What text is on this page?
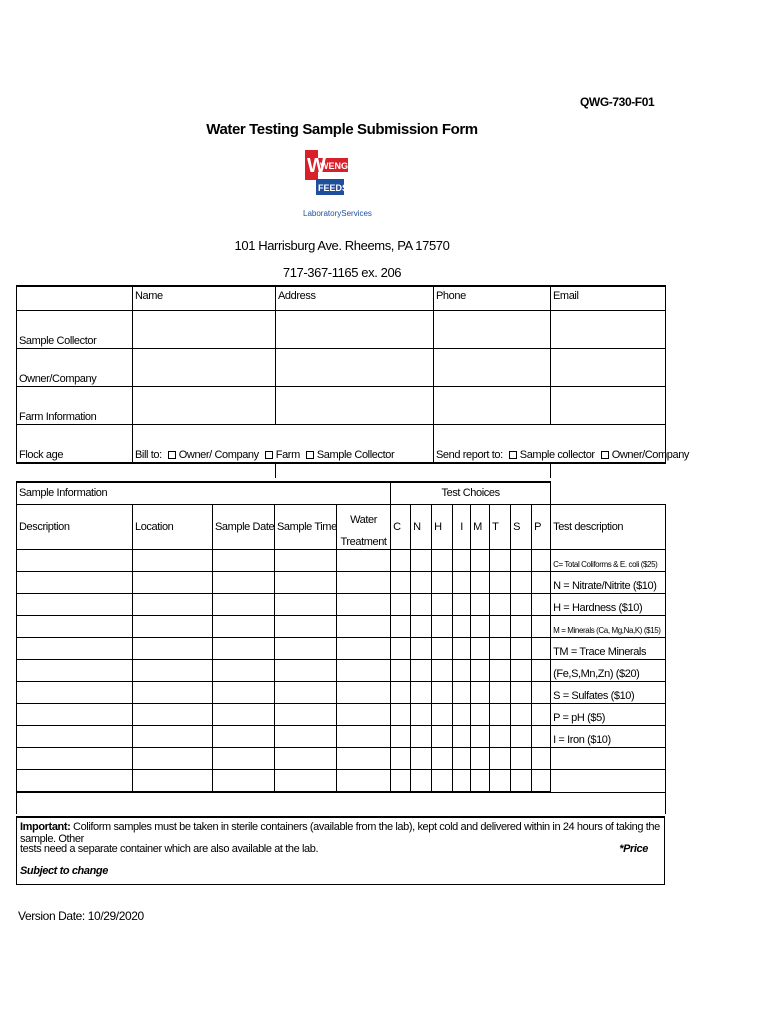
QWG-730-F01
Water Testing Sample Submission Form
W
WENGER
FEEDS
LaboratoryServices
101 Harrisburg Ave. Rheems, PA 17570
717-367-1165 ex. 206
	Name	Address	Phone	Email
Sample Collector				
Owner/Company				
Farm Information				
Flock age	Bill to: Owner/ Company Farm Sample Collector		Send report to: Sample collector Owner/Company	

Sample Information					Test Choices								
Description	Location	Sample Date	Sample Time	Water	C	N	H	I	M	T	S	P	Test description
				Treatment									
													C= Total Coliforms & E. coli ($25)
													N = Nitrate/Nitrite ($10)
													H = Hardness ($10)
													M = Minerals (Ca, Mg,Na,K) ($15)
													TM = Trace Minerals
													(Fe,S,Mn,Zn) ($20)
													S = Sulfates ($10)
													P = pH ($5)
													I = Iron ($10)

Important: Coliform samples must be taken in sterile containers (available from the lab), kept cold and delivered within in 24 hours of taking the sample. Other
tests need a separate container which are also available at the lab.	*Price
Subject to change
Version Date: 10/29/2020
